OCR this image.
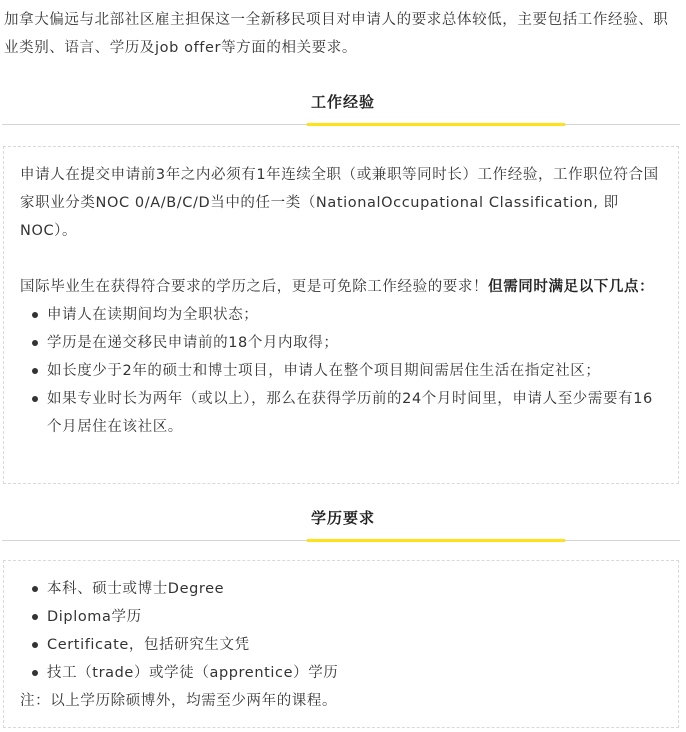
加拿大偏远与北部社区雇主担保这一全新移民项目对申请人的要求总体较低，主要包括工作经验、职业类别、语言、学历及job offer等方面的相关要求。
工作经验

申请人在提交申请前3年之内必须有1年连续全职（或兼职等同时长）工作经验，工作职位符合国家职业分类NOC 0/A/B/C/D当中的任一类（NationalOccupational Classification, 即NOC）。

国际毕业生在获得符合要求的学历之后，更是可免除工作经验的要求！但需同时满足以下几点：

申请人在读期间均为全职状态；
学历是在递交移民申请前的18个月内取得；
如长度少于2年的硕士和博士项目，申请人在整个项目期间需居住生活在指定社区；
如果专业时长为两年（或以上），那么在获得学历前的24个月时间里，申请人至少需要有16个月居住在该社区。
学历要求
本科、硕士或博士Degree
Diploma学历
Certificate，包括研究生文凭
技工（trade）或学徒（apprentice）学历

注：以上学历除硕博外，均需至少两年的课程。
